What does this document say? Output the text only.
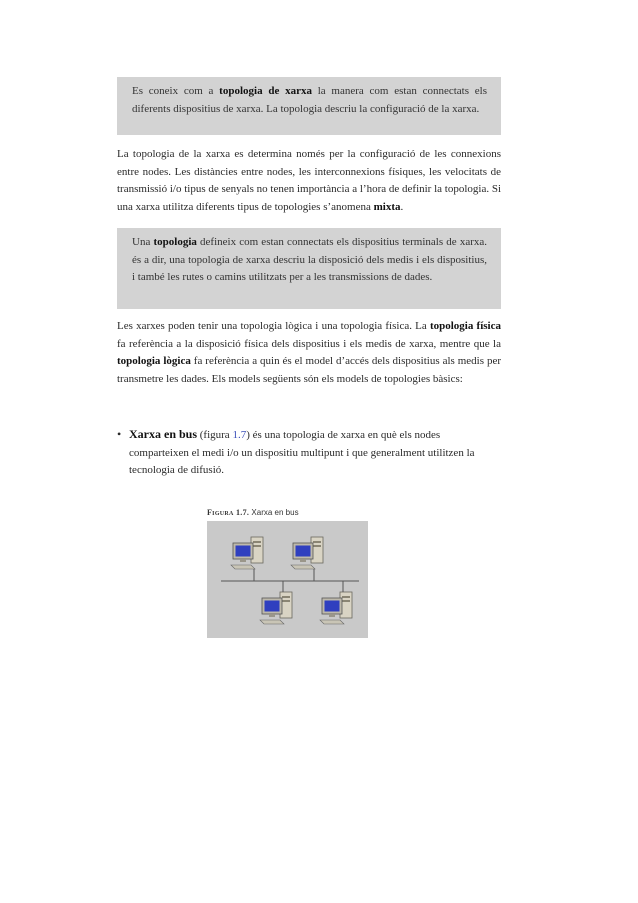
Es coneix com a topologia de xarxa la manera com estan connectats els diferents dispositius de xarxa. La topologia descriu la configuració de la xarxa.
La topologia de la xarxa es determina només per la configuració de les connexions entre nodes. Les distàncies entre nodes, les interconnexions físiques, les velocitats de transmissió i/o tipus de senyals no tenen importància a l’hora de definir la topologia. Si una xarxa utilitza diferents tipus de topologies s’anomena mixta.
Una topologia defineix com estan connectats els dispositius terminals de xarxa. és a dir, una topologia de xarxa descriu la disposició dels medis i els dispositius, i també les rutes o camins utilitzats per a les transmissions de dades.
Les xarxes poden tenir una topologia lògica i una topologia física. La topologia física fa referència a la disposició física dels dispositius i els medis de xarxa, mentre que la topologia lògica fa referència a quin és el model d’accés dels dispositius als medis per transmetre les dades. Els models següents són els models de topologies bàsics:
• Xarxa en bus (figura 1.7) és una topologia de xarxa en què els nodes comparteixen el medi i/o un dispositiu multipunt i que generalment utilitzen la tecnologia de difusió.
Figura 1.7. Xarxa en bus
